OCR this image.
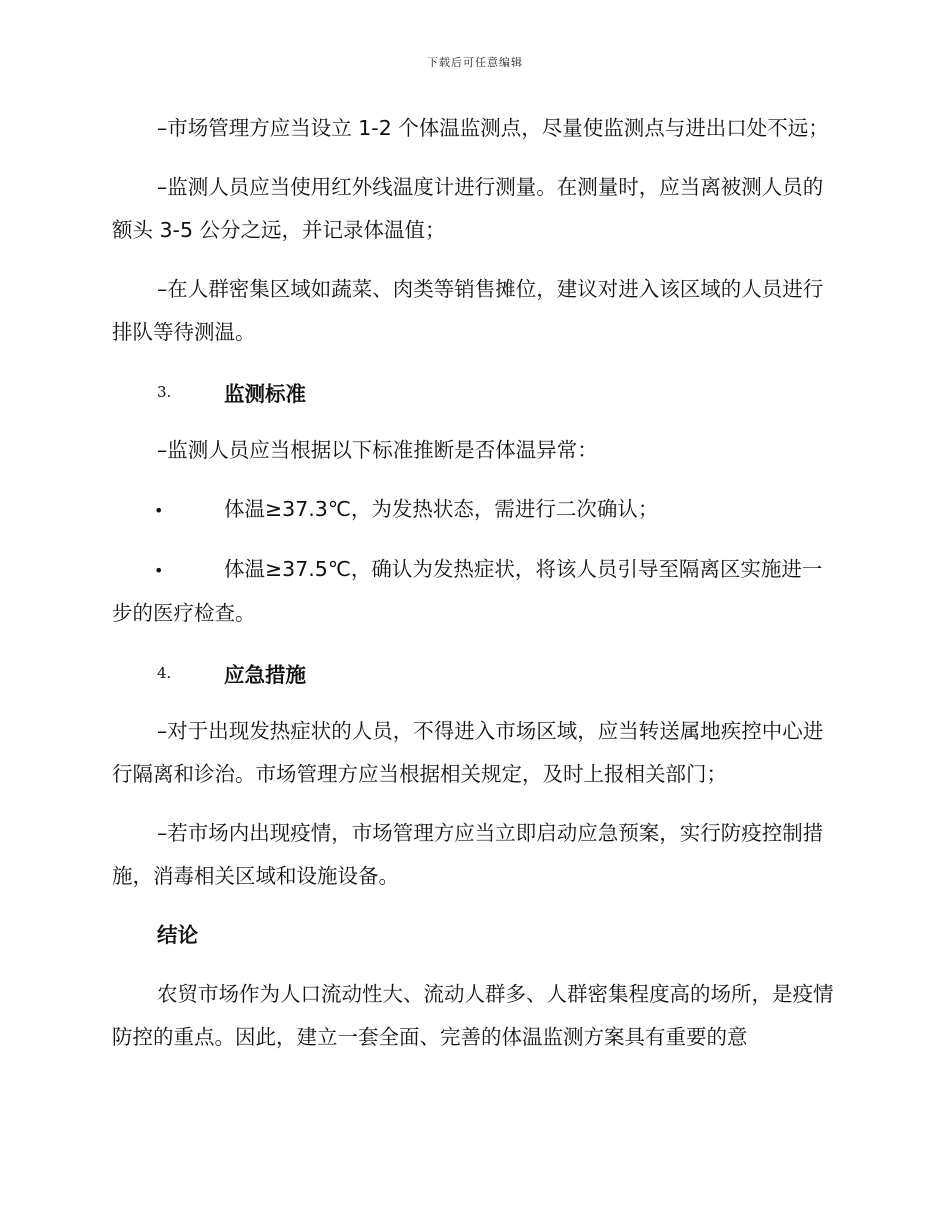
下载后可任意编辑

–市场管理方应当设立 1-2 个体温监测点，尽量使监测点与进出口处不远；

–监测人员应当使用红外线温度计进行测量。在测量时，应当离被测人员的额头 3-5 公分之远，并记录体温值；

–在人群密集区域如蔬菜、肉类等销售摊位，建议对进入该区域的人员进行排队等待测温。

3.	监测标准

–监测人员应当根据以下标准推断是否体温异常：

•	体温≥37.3℃，为发热状态，需进行二次确认；

•	体温≥37.5℃，确认为发热症状，将该人员引导至隔离区实施进一步的医疗检查。

4.	应急措施

–对于出现发热症状的人员，不得进入市场区域，应当转送属地疾控中心进行隔离和诊治。市场管理方应当根据相关规定，及时上报相关部门；

–若市场内出现疫情，市场管理方应当立即启动应急预案，实行防疫控制措施，消毒相关区域和设施设备。

结论

农贸市场作为人口流动性大、流动人群多、人群密集程度高的场所，是疫情防控的重点。因此，建立一套全面、完善的体温监测方案具有重要的意
